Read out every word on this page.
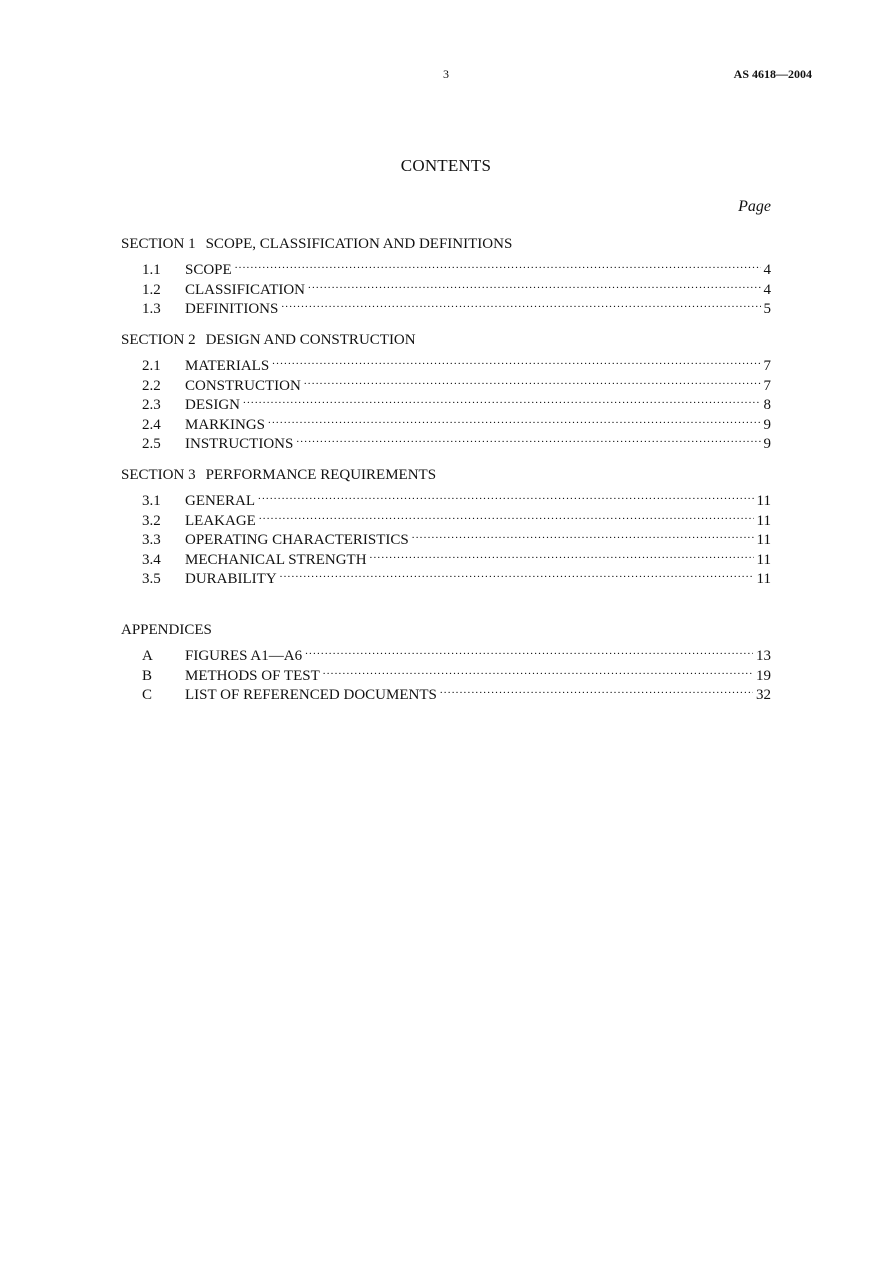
3	AS 4618—2004
CONTENTS
Page
SECTION 1 SCOPE, CLASSIFICATION AND DEFINITIONS
1.1	SCOPE .....	4
1.2	CLASSIFICATION .....	4
1.3	DEFINITIONS .....	5
SECTION 2 DESIGN AND CONSTRUCTION
2.1	MATERIALS .....	7
2.2	CONSTRUCTION .....	7
2.3	DESIGN .....	8
2.4	MARKINGS .....	9
2.5	INSTRUCTIONS .....	9
SECTION 3 PERFORMANCE REQUIREMENTS
3.1	GENERAL .....	11
3.2	LEAKAGE .....	11
3.3	OPERATING CHARACTERISTICS .....	11
3.4	MECHANICAL STRENGTH .....	11
3.5	DURABILITY .....	11
APPENDICES
A	FIGURES A1—A6 .....	13
B	METHODS OF TEST .....	19
C	LIST OF REFERENCED DOCUMENTS .....	32
